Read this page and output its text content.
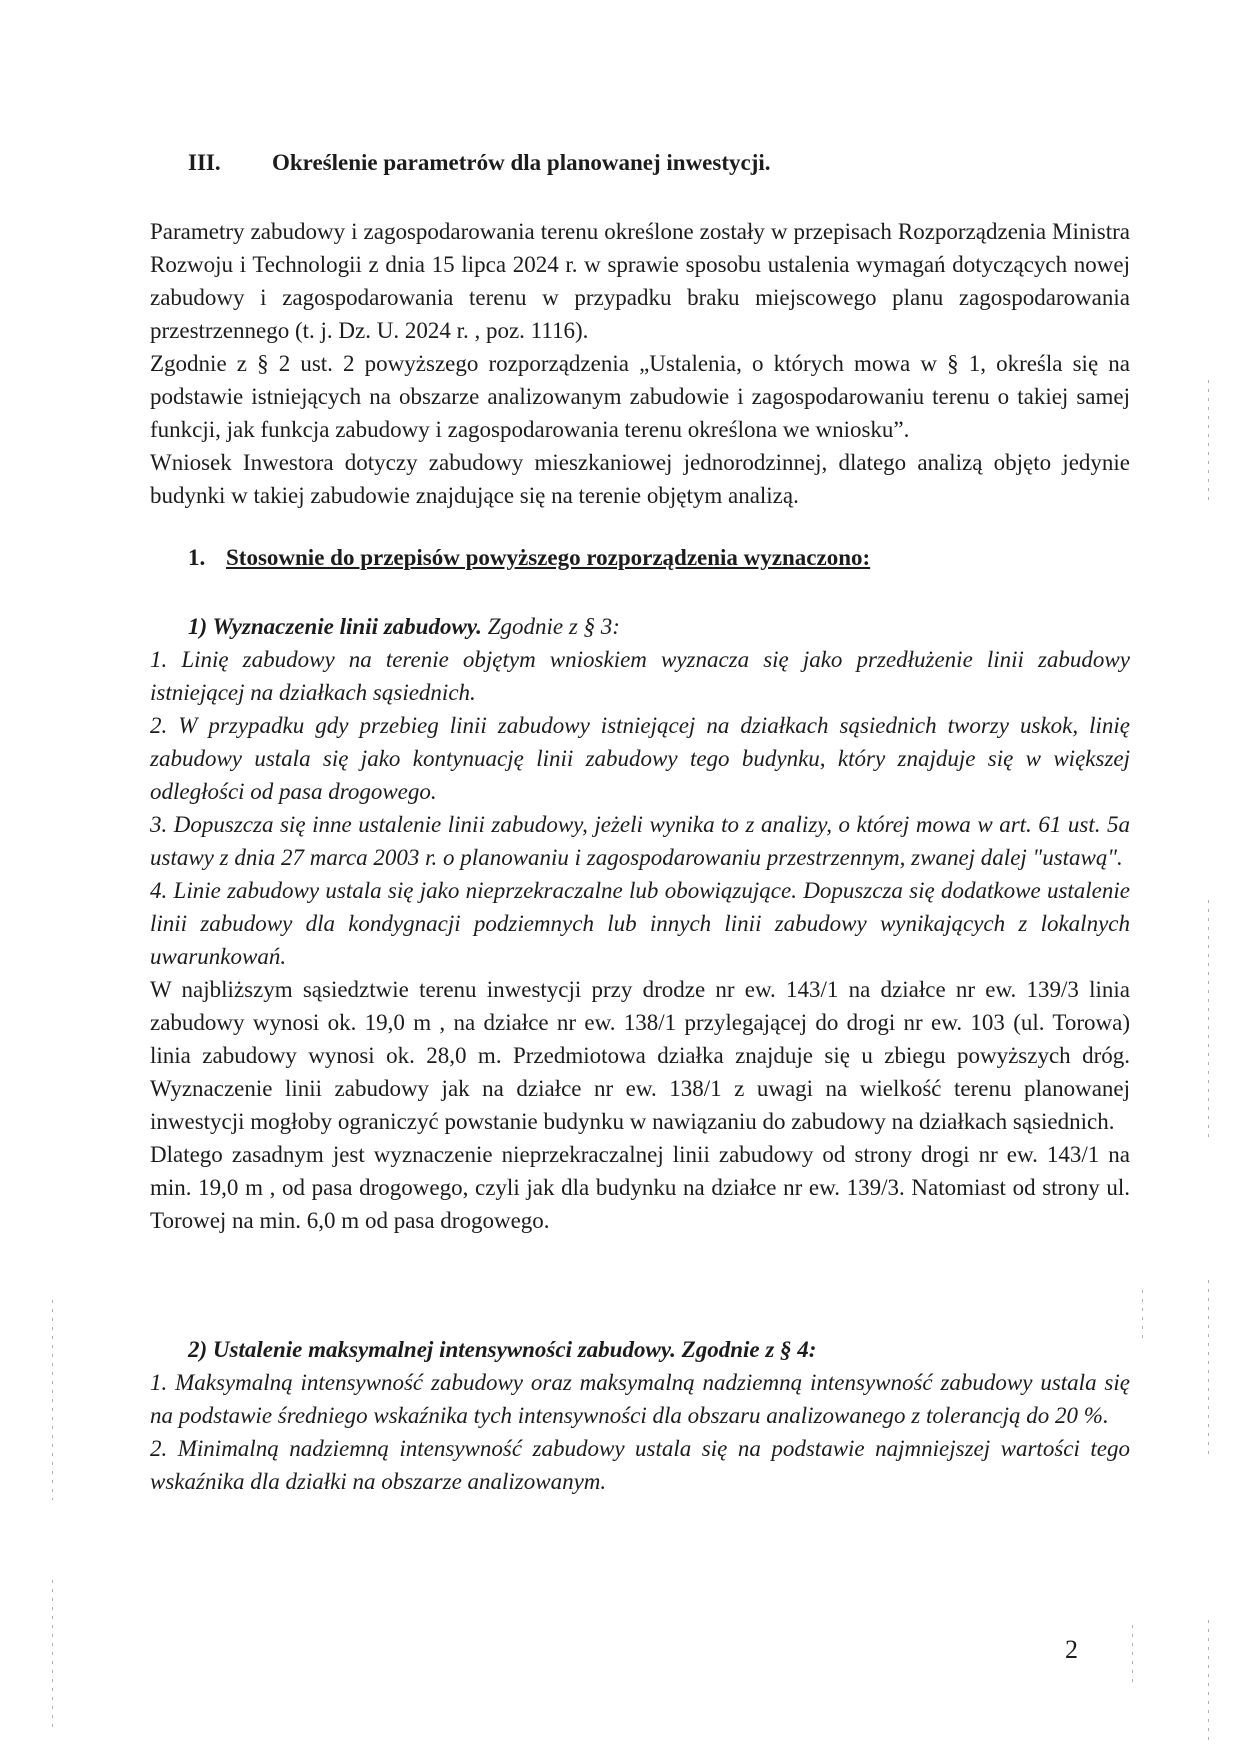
III. Określenie parametrów dla planowanej inwestycji.

Parametry zabudowy i zagospodarowania terenu określone zostały w przepisach Rozporządzenia Ministra Rozwoju i Technologii z dnia 15 lipca 2024 r. w sprawie sposobu ustalenia wymagań dotyczących nowej zabudowy i zagospodarowania terenu w przypadku braku miejscowego planu zagospodarowania przestrzennego (t. j. Dz. U. 2024 r. , poz. 1116).

Zgodnie z § 2 ust. 2 powyższego rozporządzenia „Ustalenia, o których mowa w § 1, określa się na podstawie istniejących na obszarze analizowanym zabudowie i zagospodarowaniu terenu o takiej samej funkcji, jak funkcja zabudowy i zagospodarowania terenu określona we wniosku”.

Wniosek Inwestora dotyczy zabudowy mieszkaniowej jednorodzinnej, dlatego analizą objęto jedynie budynki w takiej zabudowie znajdujące się na terenie objętym analizą.

1. Stosownie do przepisów powyższego rozporządzenia wyznaczono:

1) Wyznaczenie linii zabudowy. Zgodnie z § 3:

1. Linię zabudowy na terenie objętym wnioskiem wyznacza się jako przedłużenie linii zabudowy istniejącej na działkach sąsiednich.

2. W przypadku gdy przebieg linii zabudowy istniejącej na działkach sąsiednich tworzy uskok, linię zabudowy ustala się jako kontynuację linii zabudowy tego budynku, który znajduje się w większej odległości od pasa drogowego.

3. Dopuszcza się inne ustalenie linii zabudowy, jeżeli wynika to z analizy, o której mowa w art. 61 ust. 5a ustawy z dnia 27 marca 2003 r. o planowaniu i zagospodarowaniu przestrzennym, zwanej dalej "ustawą".

4. Linie zabudowy ustala się jako nieprzekraczalne lub obowiązujące. Dopuszcza się dodatkowe ustalenie linii zabudowy dla kondygnacji podziemnych lub innych linii zabudowy wynikających z lokalnych uwarunkowań.

W najbliższym sąsiedztwie terenu inwestycji przy drodze nr ew. 143/1 na działce nr ew. 139/3 linia zabudowy wynosi ok. 19,0 m , na działce nr ew. 138/1 przylegającej do drogi nr ew. 103 (ul. Torowa) linia zabudowy wynosi ok. 28,0 m. Przedmiotowa działka znajduje się u zbiegu powyższych dróg. Wyznaczenie linii zabudowy jak na działce nr ew. 138/1 z uwagi na wielkość terenu planowanej inwestycji mogłoby ograniczyć powstanie budynku w nawiązaniu do zabudowy na działkach sąsiednich.

Dlatego zasadnym jest wyznaczenie nieprzekraczalnej linii zabudowy od strony drogi nr ew. 143/1 na min. 19,0 m , od pasa drogowego, czyli jak dla budynku na działce nr ew. 139/3. Natomiast od strony ul. Torowej na min. 6,0 m od pasa drogowego.

2) Ustalenie maksymalnej intensywności zabudowy. Zgodnie z § 4:

1. Maksymalną intensywność zabudowy oraz maksymalną nadziemną intensywność zabudowy ustala się na podstawie średniego wskaźnika tych intensywności dla obszaru analizowanego z tolerancją do 20 %.

2. Minimalną nadziemną intensywność zabudowy ustala się na podstawie najmniejszej wartości tego wskaźnika dla działki na obszarze analizowanym.

2
